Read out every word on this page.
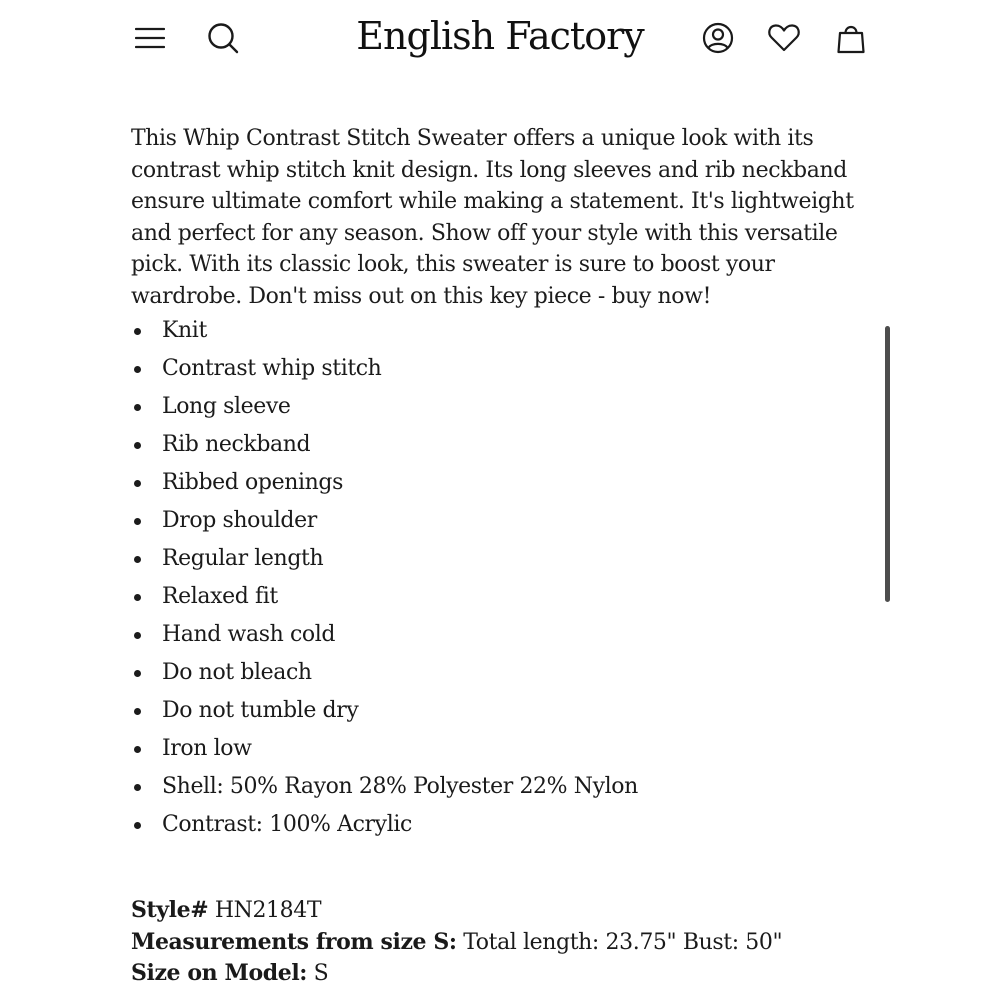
English Factory

This Whip Contrast Stitch Sweater offers a unique look with its contrast whip stitch knit design. Its long sleeves and rib neckband ensure ultimate comfort while making a statement. It's lightweight and perfect for any season. Show off your style with this versatile pick. With its classic look, this sweater is sure to boost your wardrobe. Don't miss out on this key piece - buy now!

Knit
Contrast whip stitch
Long sleeve
Rib neckband
Ribbed openings
Drop shoulder
Regular length
Relaxed fit
Hand wash cold
Do not bleach
Do not tumble dry
Iron low
Shell: 50% Rayon 28% Polyester 22% Nylon
Contrast: 100% Acrylic
Style# HN2184T
Measurements from size S: Total length: 23.75" Bust: 50"
Size on Model: S
